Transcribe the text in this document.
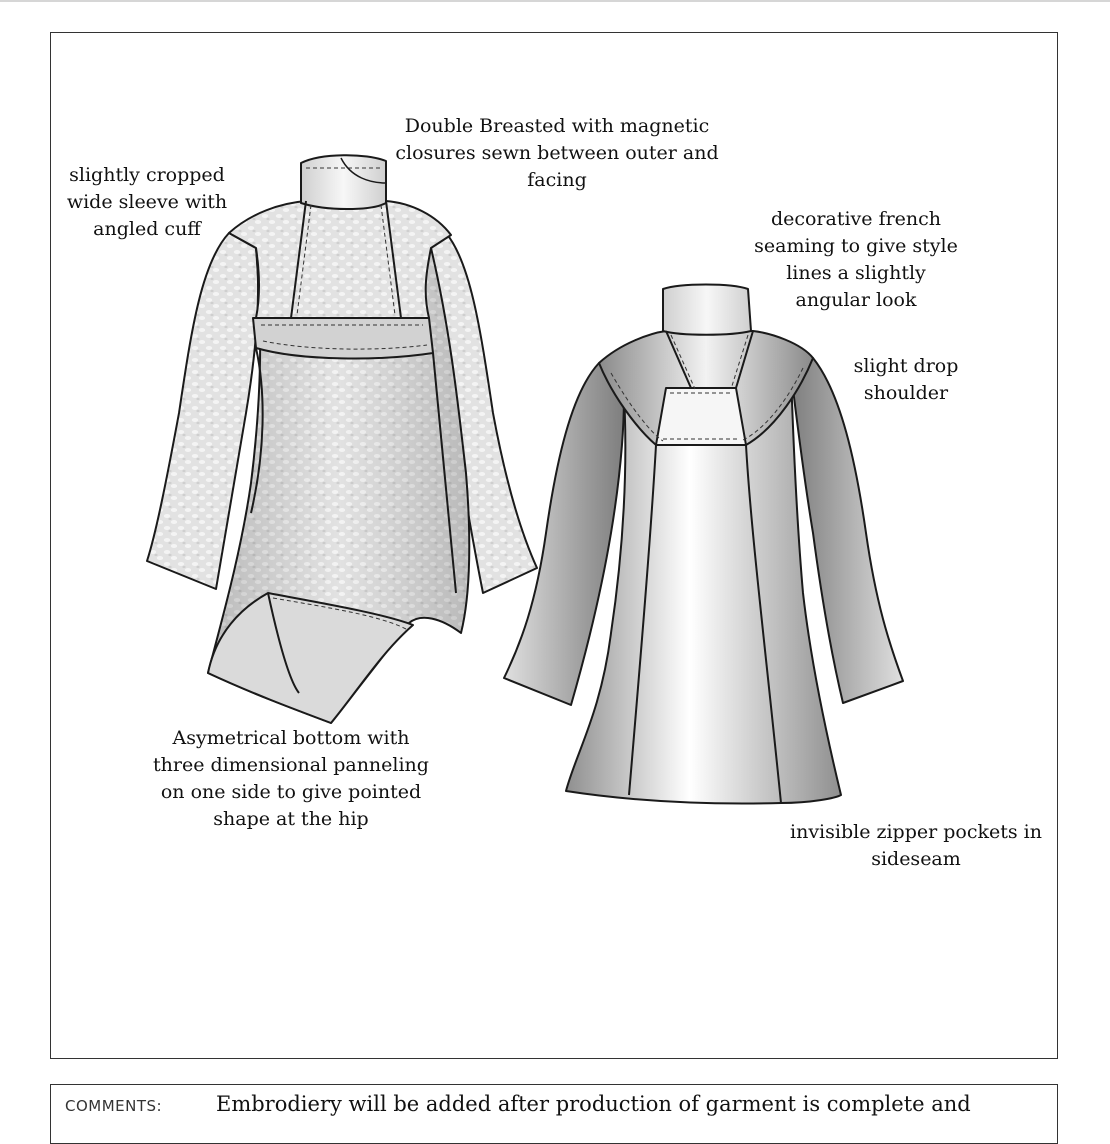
slightly cropped
wide sleeve with
angled cuff
Double Breasted with magnetic
closures sewn between outer and
facing
decorative french
seaming to give style
lines a slightly
angular look
slight drop
shoulder
Asymetrical bottom with
three dimensional panneling
on one side to give pointed
shape at the hip
invisible zipper pockets in
sideseam
COMMENTS:	Embrodiery will be added after production of garment is complete and
